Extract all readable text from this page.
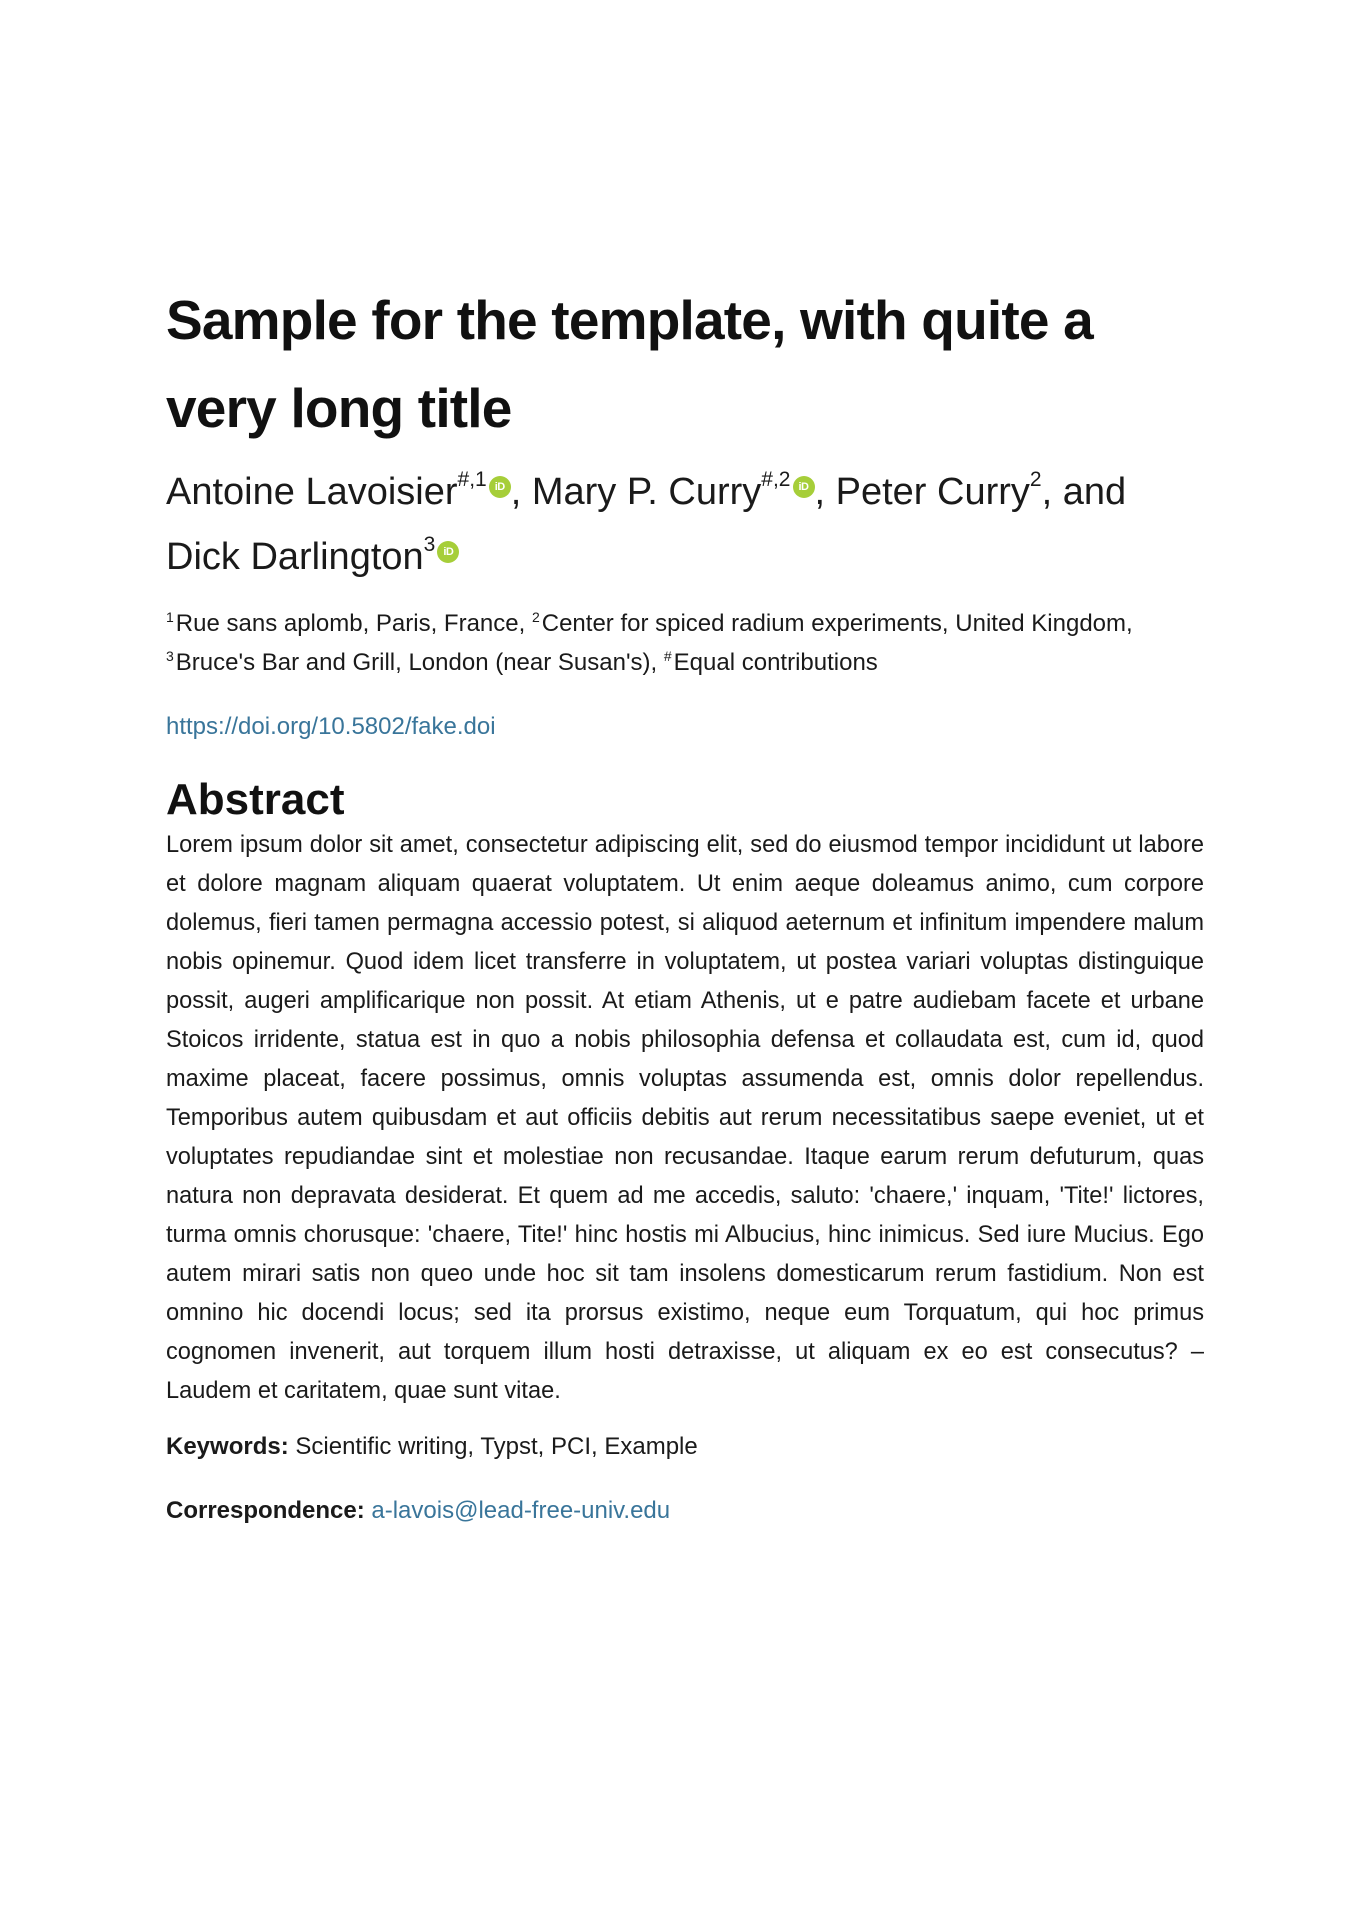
Sample for the template, with quite a very long title
Antoine Lavoisier$^{\#,1}$ iD , Mary P. Curry$^{\#,2}$ iD , Peter Curry$^2$, and Dick Darlington$^3$ iD
$^1$Rue sans aplomb, Paris, France, $^2$Center for spiced radium experiments, United Kingdom, $^3$Bruce's Bar and Grill, London (near Susan's), #Equal contributions
https://doi.org/10.5802/fake.doi
Abstract

Lorem ipsum dolor sit amet, consectetur adipiscing elit, sed do eiusmod tempor incididunt ut labore et dolore magnam aliquam quaerat voluptatem. Ut enim aeque doleamus animo, cum corpore dolemus, fieri tamen permagna accessio potest, si aliquod aeternum et infinitum impendere malum nobis opinemur. Quod idem licet transferre in voluptatem, ut postea variari voluptas distinguique possit, augeri amplificarique non possit. At etiam Athenis, ut e patre audiebam facete et urbane Stoicos irridente, statua est in quo a nobis philosophia defensa et collaudata est, cum id, quod maxime placeat, facere possimus, omnis voluptas assumenda est, omnis dolor repellendus. Temporibus autem quibusdam et aut officiis debitis aut rerum necessitatibus saepe eveniet, ut et voluptates repudiandae sint et molestiae non recusandae. Itaque earum rerum defuturum, quas natura non depravata desiderat. Et quem ad me accedis, saluto: 'chaere,' inquam, 'Tite!' lictores, turma omnis chorusque: 'chaere, Tite!' hinc hostis mi Albucius, hinc inimicus. Sed iure Mucius. Ego autem mirari satis non queo unde hoc sit tam insolens domesticarum rerum fastidium. Non est omnino hic docendi locus; sed ita prorsus existimo, neque eum Torquatum, qui hoc primus cognomen invenerit, aut torquem illum hosti detraxisse, ut aliquam ex eo est consecutus? – Laudem et caritatem, quae sunt vitae.

Keywords: Scientific writing, Typst, PCI, Example
Correspondence: a-lavois@lead-free-univ.edu
